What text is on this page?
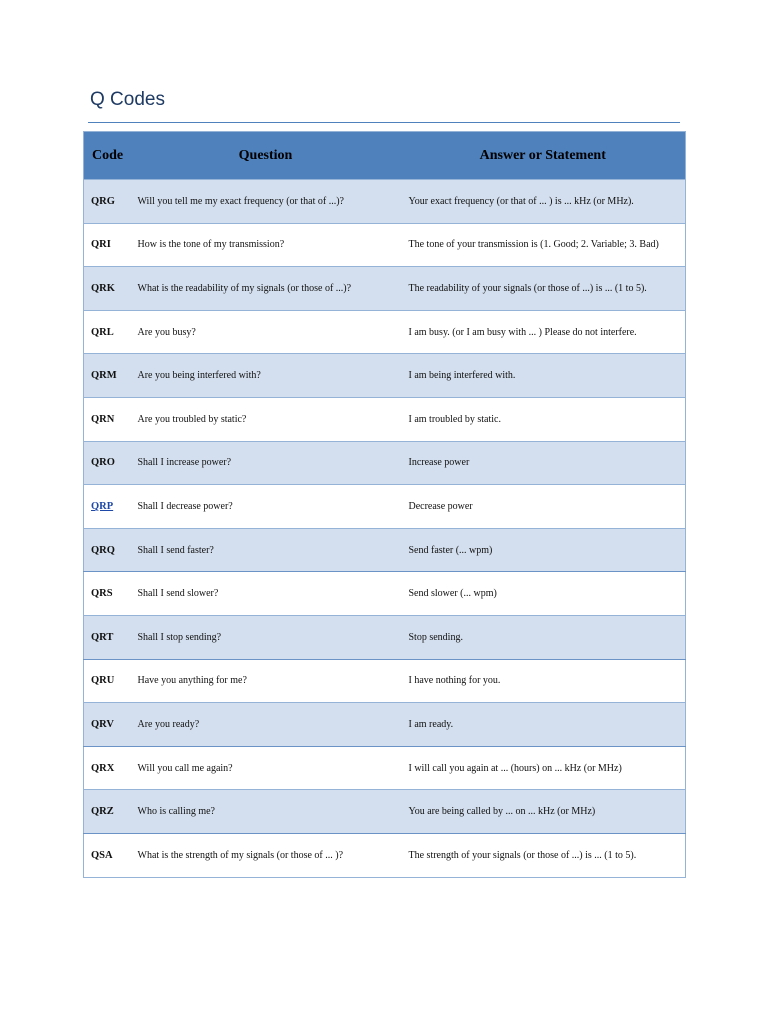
Q Codes
Code	Question	Answer or Statement
QRG	Will you tell me my exact frequency (or that of ...)?	Your exact frequency (or that of ... ) is ... kHz (or MHz).
QRI	How is the tone of my transmission?	The tone of your transmission is (1. Good; 2. Variable; 3. Bad)
QRK	What is the readability of my signals (or those of ...)?	The readability of your signals (or those of ...) is ... (1 to 5).
QRL	Are you busy?	I am busy. (or I am busy with ... ) Please do not interfere.
QRM	Are you being interfered with?	I am being interfered with.
QRN	Are you troubled by static?	I am troubled by static.
QRO	Shall I increase power?	Increase power
QRP	Shall I decrease power?	Decrease power
QRQ	Shall I send faster?	Send faster (... wpm)
QRS	Shall I send slower?	Send slower (... wpm)
QRT	Shall I stop sending?	Stop sending.
QRU	Have you anything for me?	I have nothing for you.
QRV	Are you ready?	I am ready.
QRX	Will you call me again?	I will call you again at ... (hours) on ... kHz (or MHz)
QRZ	Who is calling me?	You are being called by ... on ... kHz (or MHz)
QSA	What is the strength of my signals (or those of ... )?	The strength of your signals (or those of ...) is ... (1 to 5).
